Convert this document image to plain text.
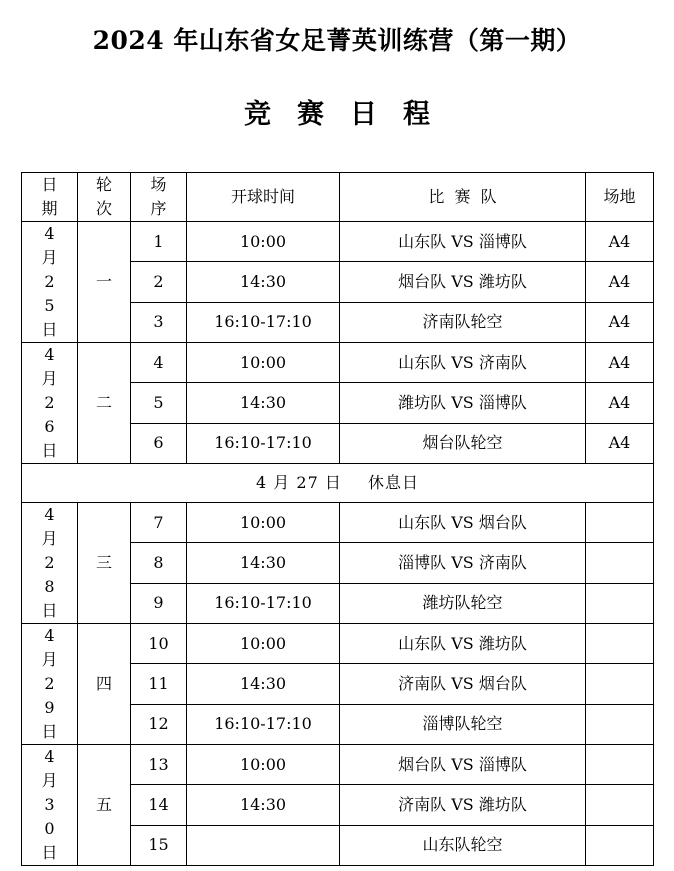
2024 年山东省女足菁英训练营（第一期）
竞赛日程
日期	轮次	场序	开球时间	比  赛  队	场地
4月25日	一	1	10:00	山东队 VS 淄博队	A4
		2	14:30	烟台队 VS 潍坊队	A4
		3	16:10-17:10	济南队轮空	A4
4月26日	二	4	10:00	山东队 VS 济南队	A4
		5	14:30	潍坊队 VS 淄博队	A4
		6	16:10-17:10	烟台队轮空	A4
4 月 27 日 休息日					
4月28日	三	7	10:00	山东队 VS 烟台队	
		8	14:30	淄博队 VS 济南队	
		9	16:10-17:10	潍坊队轮空	
4月29日	四	10	10:00	山东队 VS 潍坊队	
		11	14:30	济南队 VS 烟台队	
		12	16:10-17:10	淄博队轮空	
4月30日	五	13	10:00	烟台队 VS 淄博队	
		14	14:30	济南队 VS 潍坊队	
		15		山东队轮空	
